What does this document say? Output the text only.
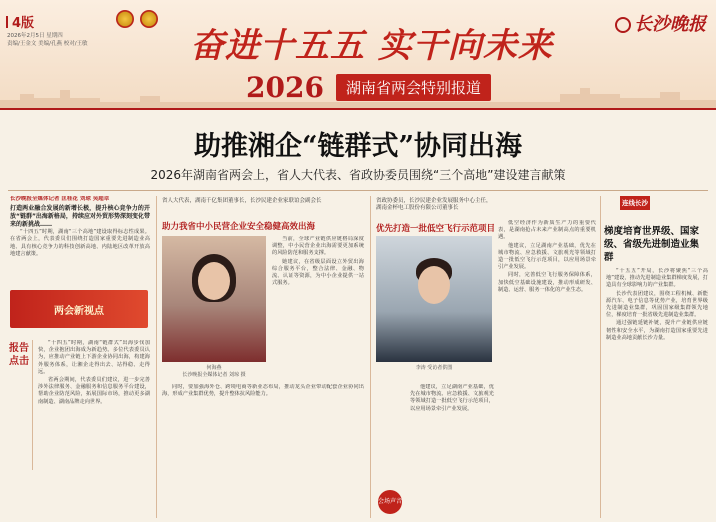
4版
2026年2月5日 星期四
责编/王金文 美编/孔燕 校对/王敏	奋进十五五 实干向未来
长沙晚报
2026	湖南省两会特别报道
助推湘企“链群式”协同出海
2026年湖南省两会上，省人大代表、省政协委员围绕“三个高地”建设建言献策
长沙晚报全媒体记者 匡桂花 刘琼 吴超卓
打造两业融合发展的新增长极，提升核心竞争力的开放“链群”出海新格局，持续应对外贸形势深刻变化带来的新挑战……

“十四五”时期，湖南“三个高地”建设取得标志性成果。在省两会上，代表委员们围绕打造国家重要先进制造业高地、具有核心竞争力的科技创新高地、内陆地区改革开放高地建言献策。

两会新视点
报告点击

“十四五”时期，湖南“链群式”出海步伐加快，企业抱团出海成为新趋势。多位代表委员认为，应推动产业链上下游企业协同出海，构建海外服务体系，让湘企走得出去、站得稳、走得远。

省两会期间，代表委员们建议，进一步完善涉外法律服务、金融服务和信息服务平台建设，帮助企业防范风险，拓展国际市场，推动更多湖南制造、湖南品牌走向世界。

省人大代表，湖南千亿集团董事长，长沙民建企业家联谊会副会长
助力我省中小民营企业安全稳健高效出海
何海燕
长沙晚报全媒体记者 刘琼 摄

当前，全球产业链供应链格局深度调整，中小民营企业出海需要更加系统的风险防范和服务支撑。

她建议，在省级层面设立外贸出海综合服务平台，整合法律、金融、物流、认证等资源，为中小企业提供一站式服务。

同时，要加强海外仓、跨境电商等新业态布局，推动龙头企业带动配套企业协同出海，形成产业集群优势，提升整体抗风险能力。

省政协委员，长沙民建企业发展服务中心主任，湖南金杯电工股份有限公司董事长
优先打造一批低空飞行示范项目
李涛 受访者供图
会场声音

低空经济作为新质生产力的重要代表，是湖南抢占未来产业制高点的重要机遇。

他建议，立足湖南产业基础，优先在城市物流、应急救援、文旅观光等领域打造一批低空飞行示范项目，以应用场景牵引产业发展。

同时，完善低空飞行服务保障体系，加快低空基础设施建设，推动形成研发、制造、运营、服务一体化的产业生态。

他建议，立足湖南产业基础，优先在城市物流、应急救援、文旅观光等领域打造一批低空飞行示范项目，以应用场景牵引产业发展。

连线长沙
梯度培育世界级、国家级、省级先进制造业集群

“十五五”开局，长沙将聚焦“三个高地”建设，推动先进制造业集群梯度发展，打造具有全球影响力的产业集群。

长沙代表团建议，围绕工程机械、新能源汽车、电子信息等优势产业，培育世界级先进制造业集群，巩固国家级集群领先地位，梯度培育一批省级先进制造业集群。

通过强链延链补链，提升产业链供应链韧性和安全水平，为湖南打造国家重要先进制造业高地贡献长沙力量。
